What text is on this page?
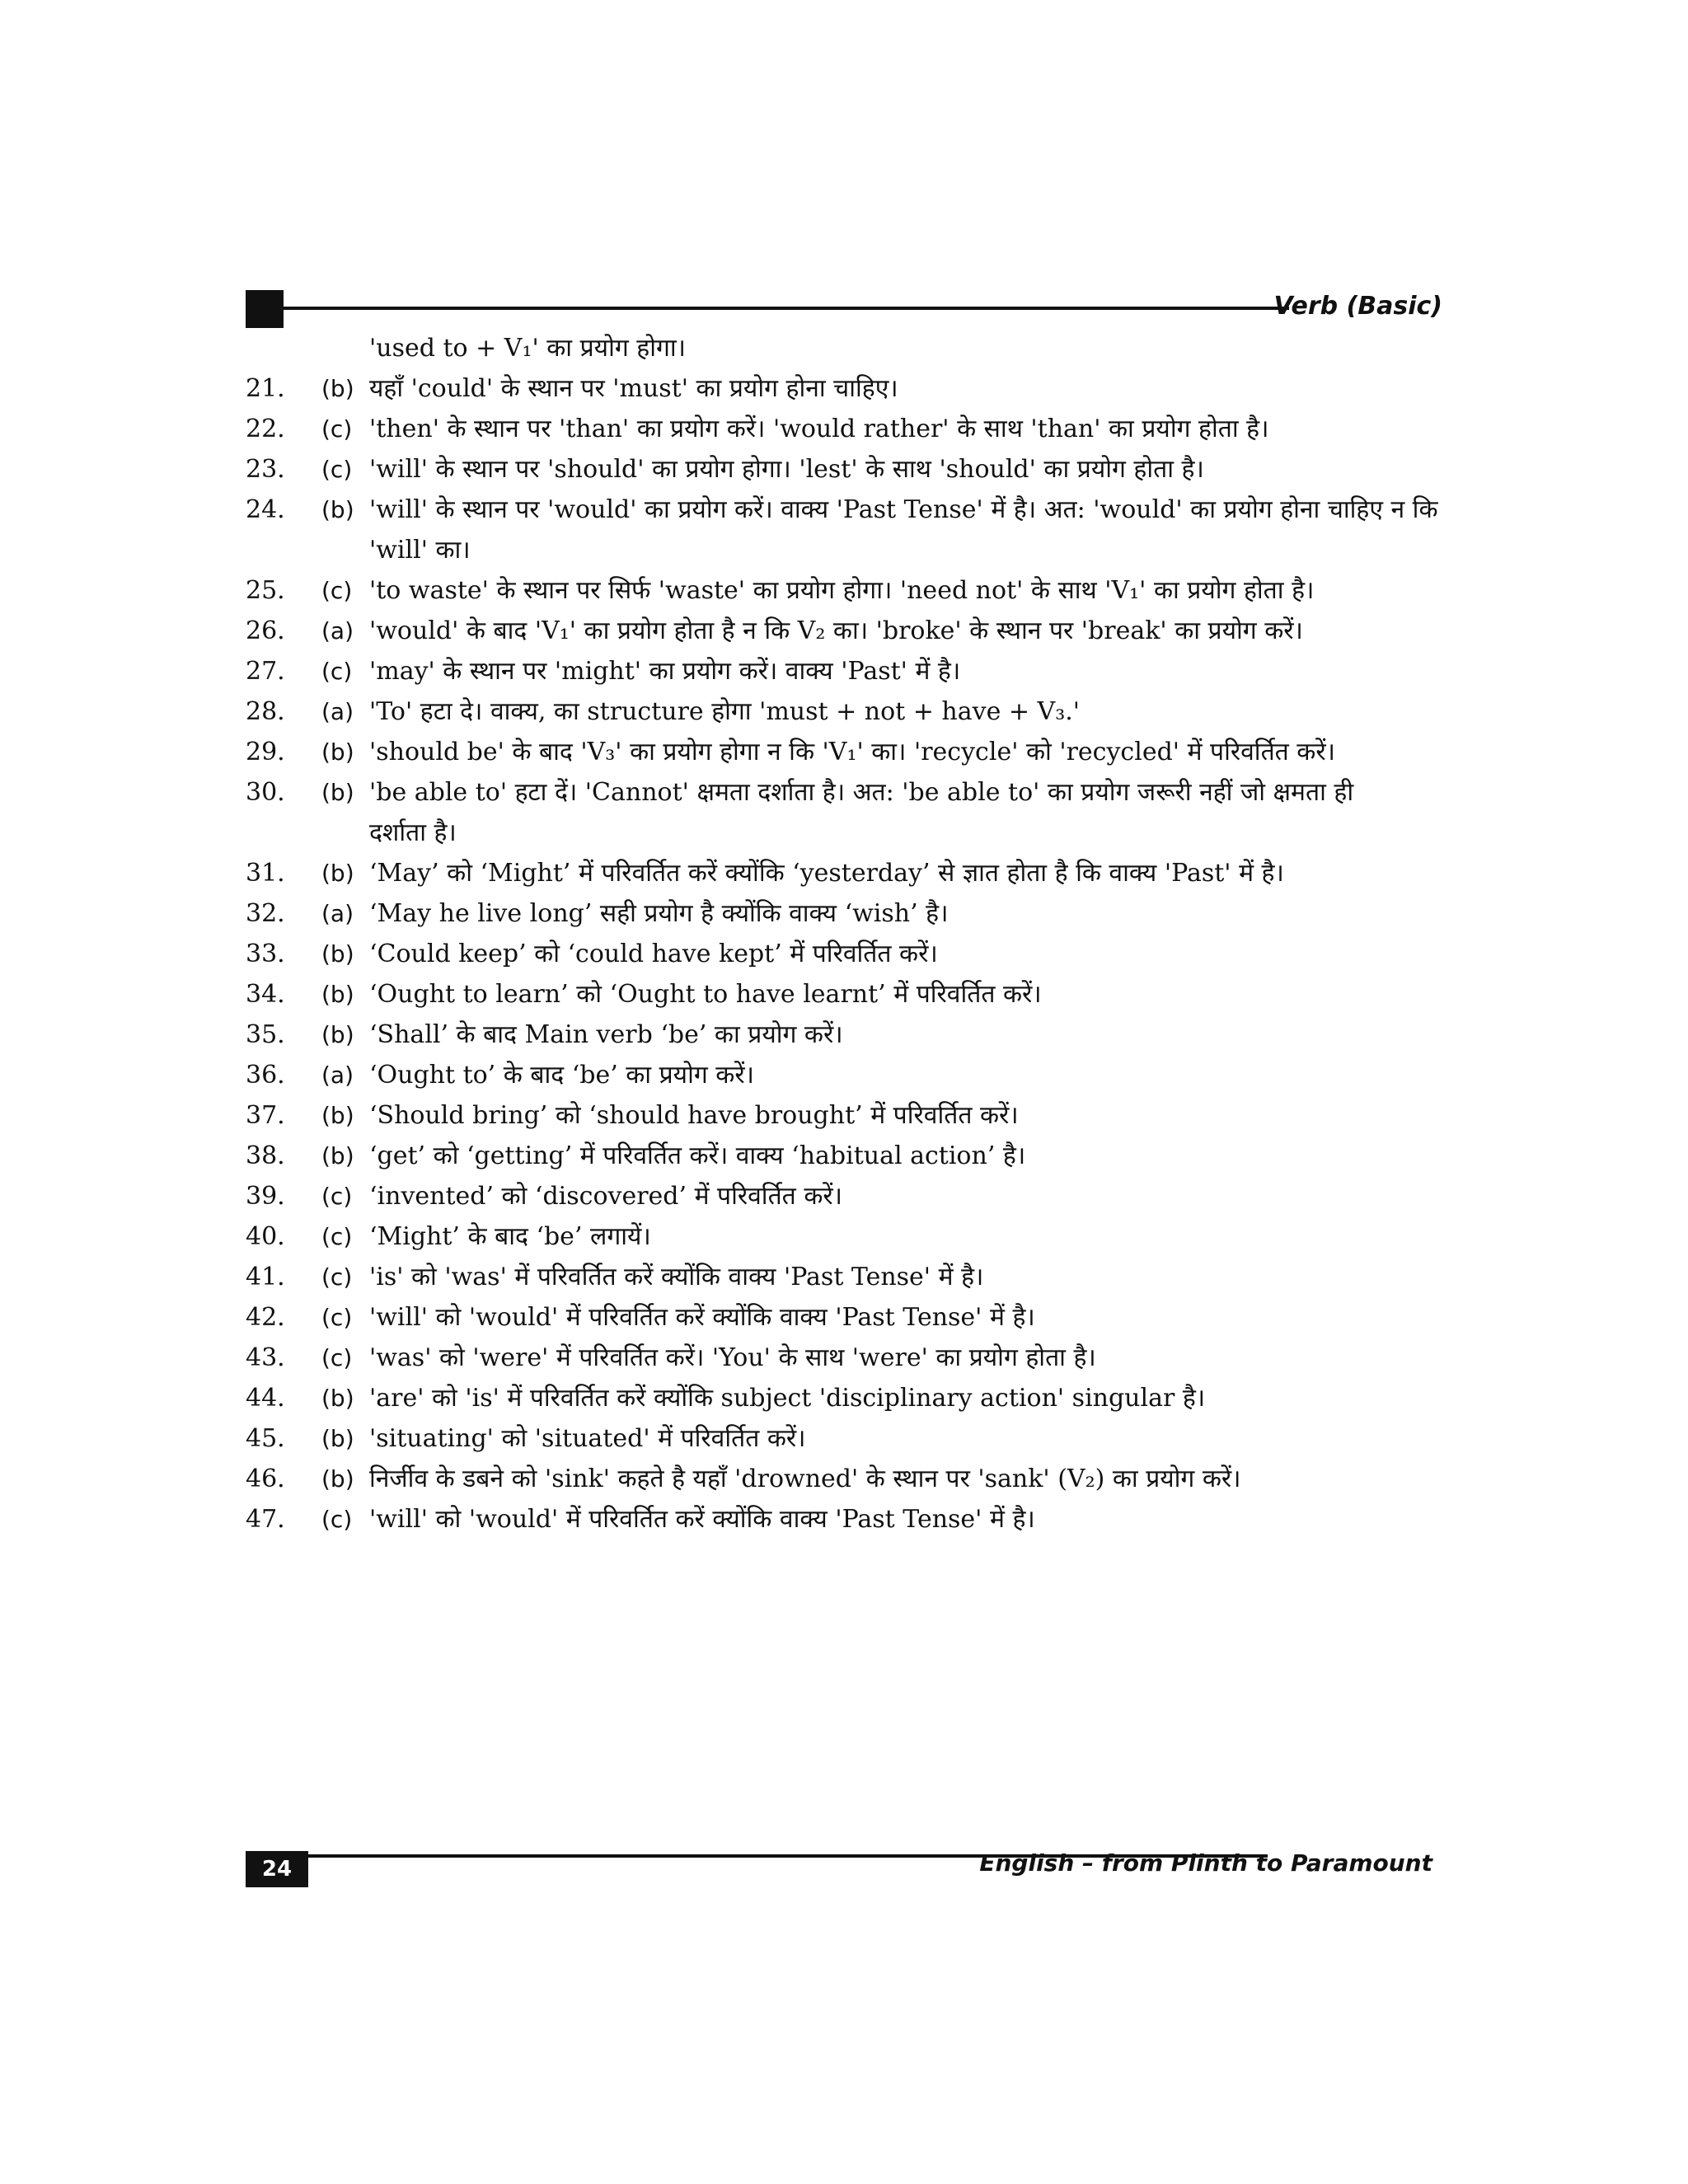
Verb (Basic)
'used to + V₁' का प्रयोग होगा।
21.	(b) यहाँ 'could' के स्थान पर 'must' का प्रयोग होना चाहिए।
22.	(c) 'then' के स्थान पर 'than' का प्रयोग करें। 'would rather' के साथ 'than' का प्रयोग होता है।
23.	(c) 'will' के स्थान पर 'should' का प्रयोग होगा। 'lest' के साथ 'should' का प्रयोग होता है।
24.	(b) 'will' के स्थान पर 'would' का प्रयोग करें। वाक्य 'Past Tense' में है। अत: 'would' का प्रयोग होना चाहिए न कि
'will' का।
25.	(c) 'to waste' के स्थान पर सिर्फ 'waste' का प्रयोग होगा। 'need not' के साथ 'V₁' का प्रयोग होता है।
26.	(a) 'would' के बाद 'V₁' का प्रयोग होता है न कि V₂ का। 'broke' के स्थान पर 'break' का प्रयोग करें।
27.	(c) 'may' के स्थान पर 'might' का प्रयोग करें। वाक्य 'Past' में है।
28.	(a) 'To' हटा दे। वाक्य, का structure होगा 'must + not + have + V₃.'
29.	(b) 'should be' के बाद 'V₃' का प्रयोग होगा न कि 'V₁' का। 'recycle' को 'recycled' में परिवर्तित करें।
30.	(b) 'be able to' हटा दें। 'Cannot' क्षमता दर्शाता है। अत: 'be able to' का प्रयोग जरूरी नहीं जो क्षमता ही
दर्शाता है।
31.	(b) ‘May’ को ‘Might’ में परिवर्तित करें क्योंकि ‘yesterday’ से ज्ञात होता है कि वाक्य 'Past' में है।
32.	(a) ‘May he live long’ सही प्रयोग है क्योंकि वाक्य ‘wish’ है।
33.	(b) ‘Could keep’ को ‘could have kept’ में परिवर्तित करें।
34.	(b) ‘Ought to learn’ को ‘Ought to have learnt’ में परिवर्तित करें।
35.	(b) ‘Shall’ के बाद Main verb ‘be’ का प्रयोग करें।
36.	(a) ‘Ought to’ के बाद ‘be’ का प्रयोग करें।
37.	(b) ‘Should bring’ को ‘should have brought’ में परिवर्तित करें।
38.	(b) ‘get’ को ‘getting’ में परिवर्तित करें। वाक्य ‘habitual action’ है।
39.	(c) ‘invented’ को ‘discovered’ में परिवर्तित करें।
40.	(c) ‘Might’ के बाद ‘be’ लगायें।
41.	(c) 'is' को 'was' में परिवर्तित करें क्योंकि वाक्य 'Past Tense' में है।
42.	(c) 'will' को 'would' में परिवर्तित करें क्योंकि वाक्य 'Past Tense' में है।
43.	(c) 'was' को 'were' में परिवर्तित करें। 'You' के साथ 'were' का प्रयोग होता है।
44.	(b) 'are' को 'is' में परिवर्तित करें क्योंकि subject 'disciplinary action' singular है।
45.	(b) 'situating' को 'situated' में परिवर्तित करें।
46.	(b) निर्जीव के डबने को 'sink' कहते है यहाँ 'drowned' के स्थान पर 'sank' (V₂) का प्रयोग करें।
47.	(c) 'will' को 'would' में परिवर्तित करें क्योंकि वाक्य 'Past Tense' में है।
24	English – from Plinth to Paramount
